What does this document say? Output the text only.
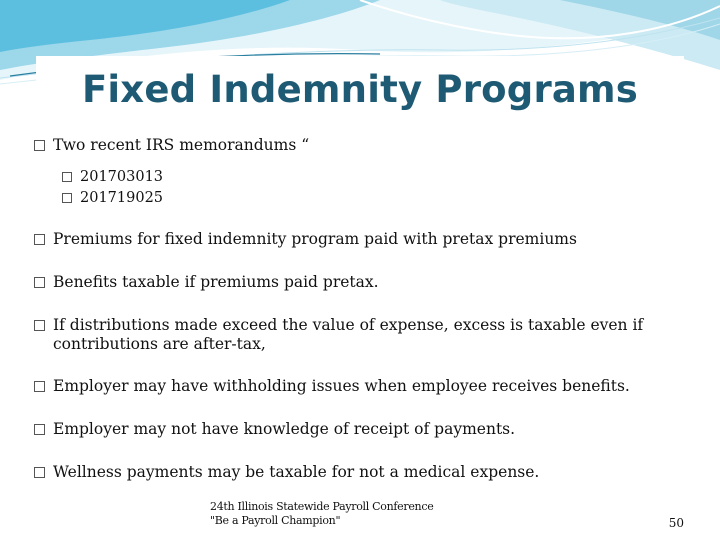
Fixed Indemnity Programs
Two recent IRS memorandums “
201703013
201719025
Premiums for fixed indemnity program paid with pretax premiums
Benefits taxable if premiums paid pretax.
If distributions made exceed the value of expense, excess is taxable even if contributions are after-tax,
Employer may have withholding issues when employee receives benefits.
Employer may not have knowledge of receipt of payments.
Wellness payments may be taxable for not a medical expense.
24th Illinois Statewide Payroll Conference
"Be a Payroll Champion"	50
